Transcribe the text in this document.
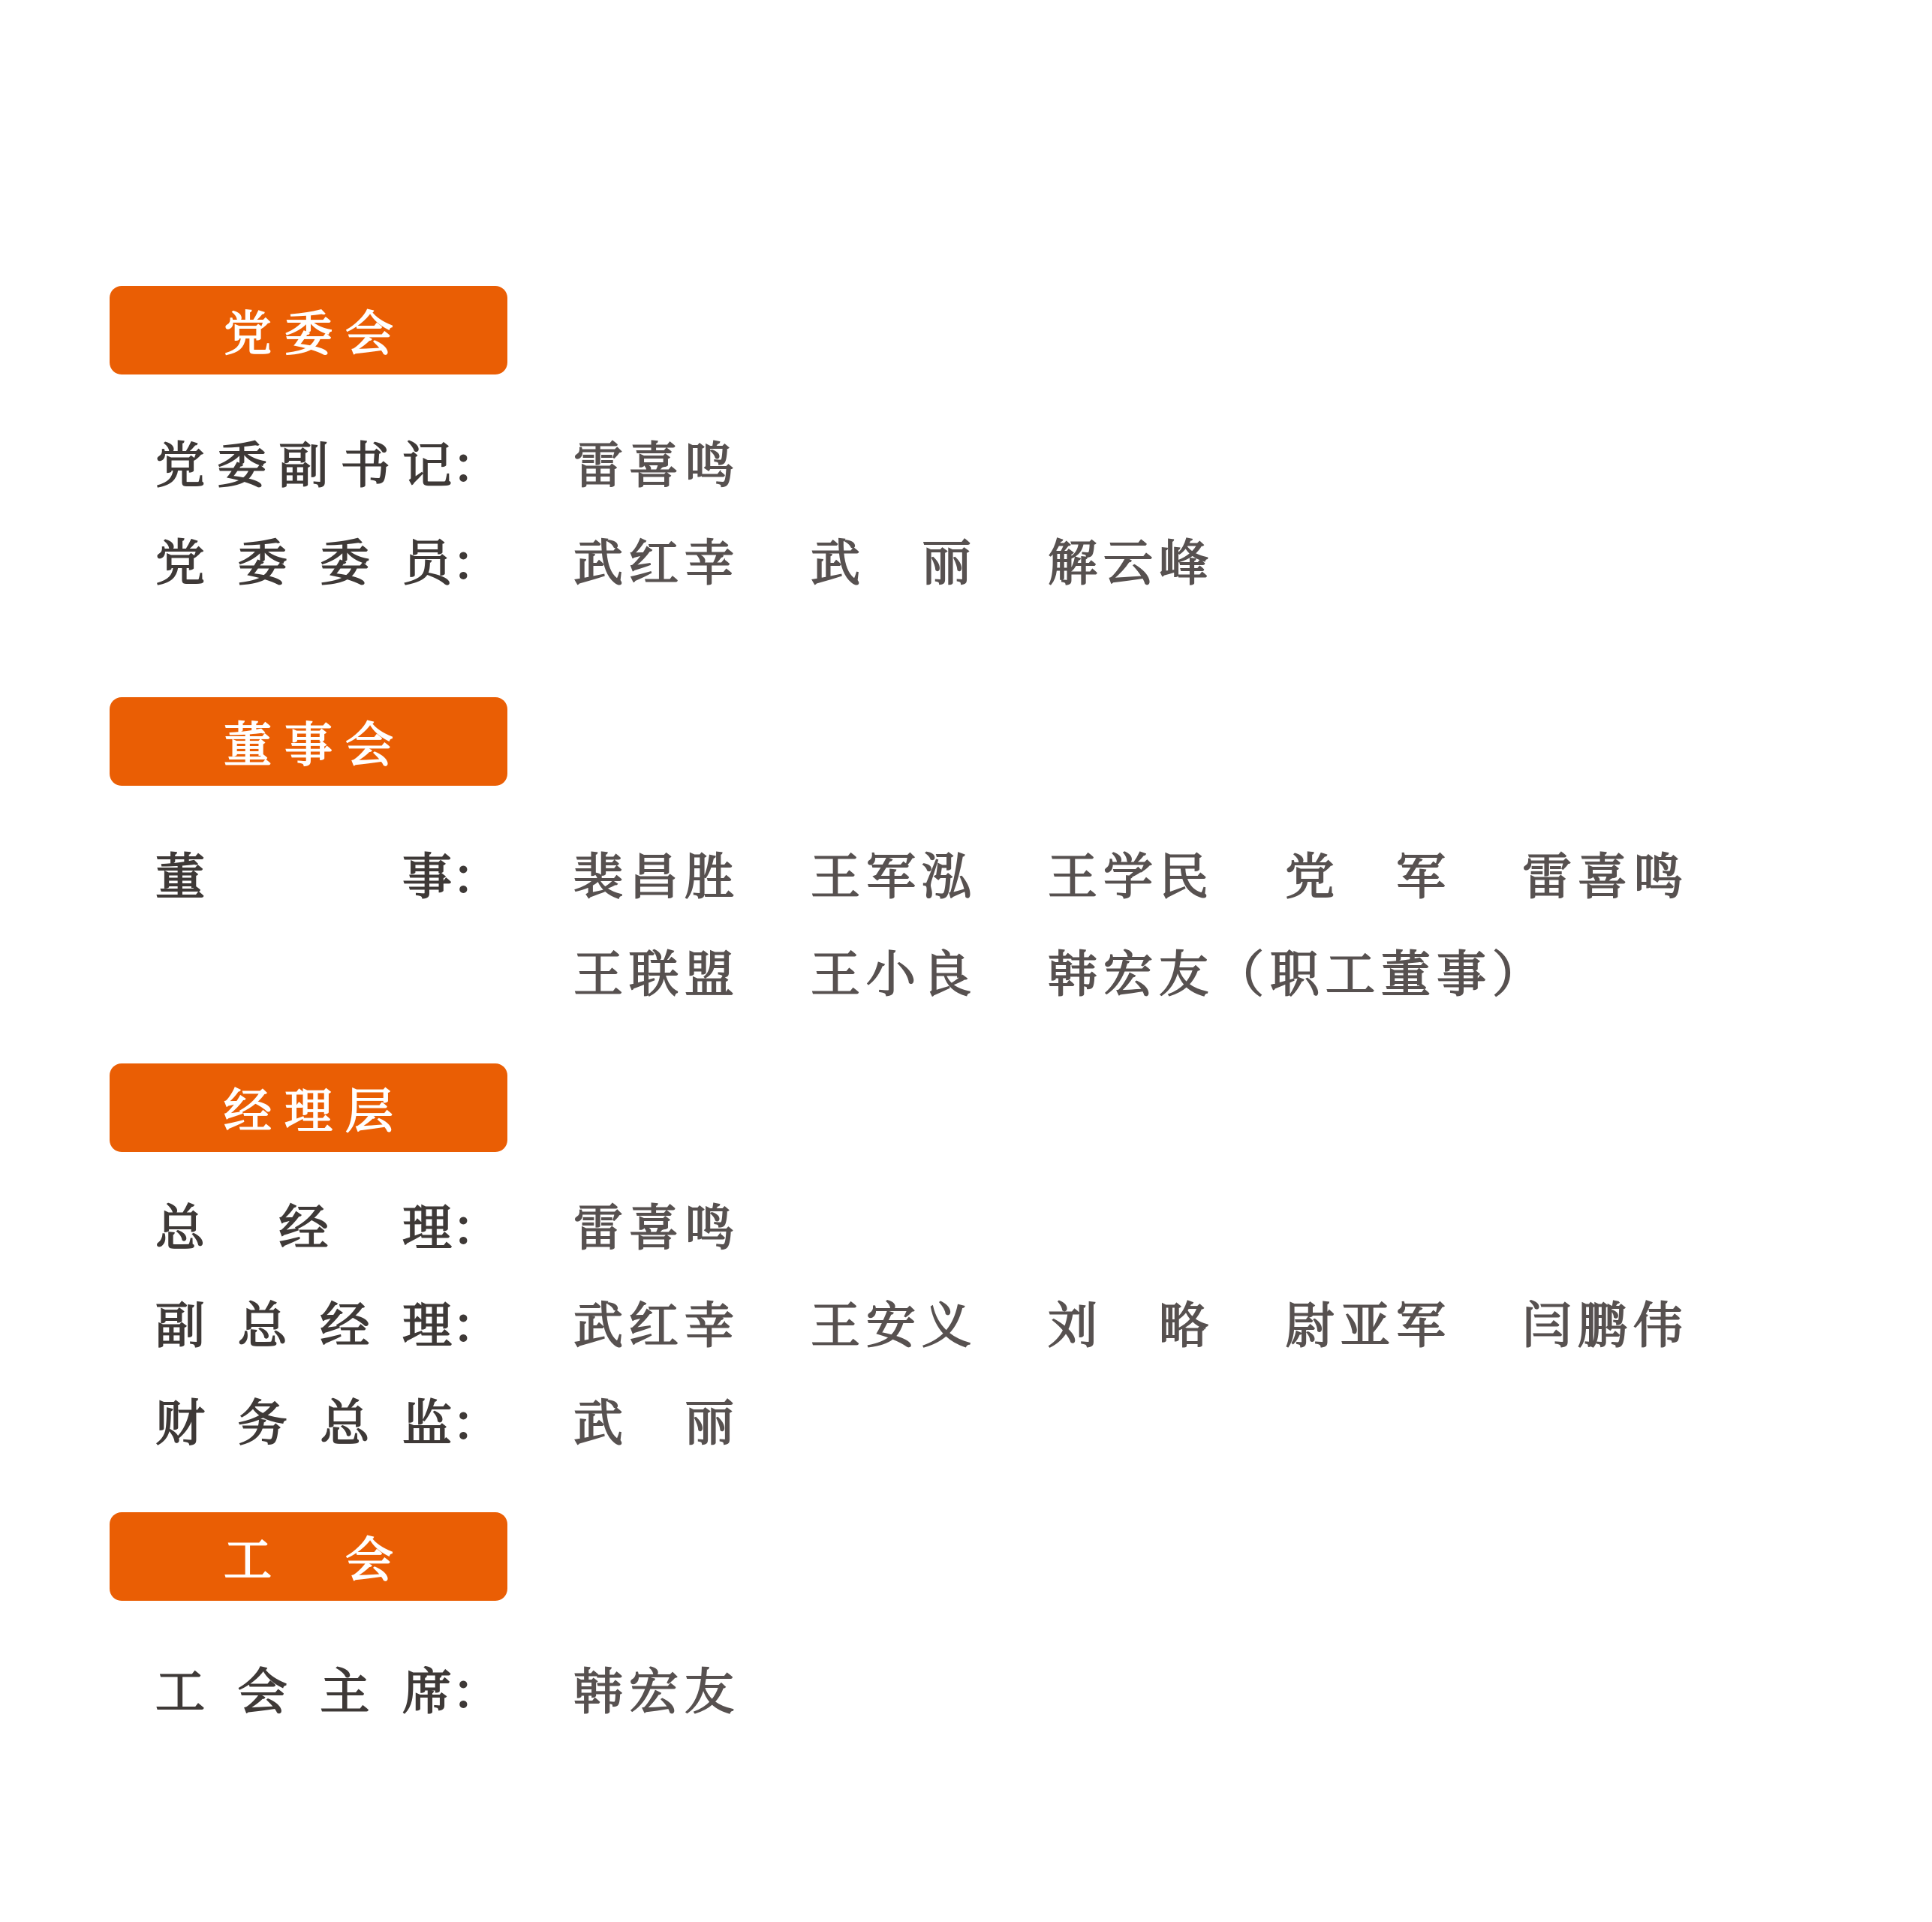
党委会
党委副书记 ： 雷喜鸣
党委委员 ： 武红幸 武　丽 解云峰
董事会
董事 ： 裴昌胜 王军泓 王学民 党　军 雷喜鸣
王联盟 王小良 韩宏友（职工董事）
经理层
总经理 ： 雷喜鸣
副总经理 ： 武红幸 王安义 刘　略 尉亚军 闫鹏伟
财务总监 ： 武　丽
工　会
工会主席 ： 韩宏友
